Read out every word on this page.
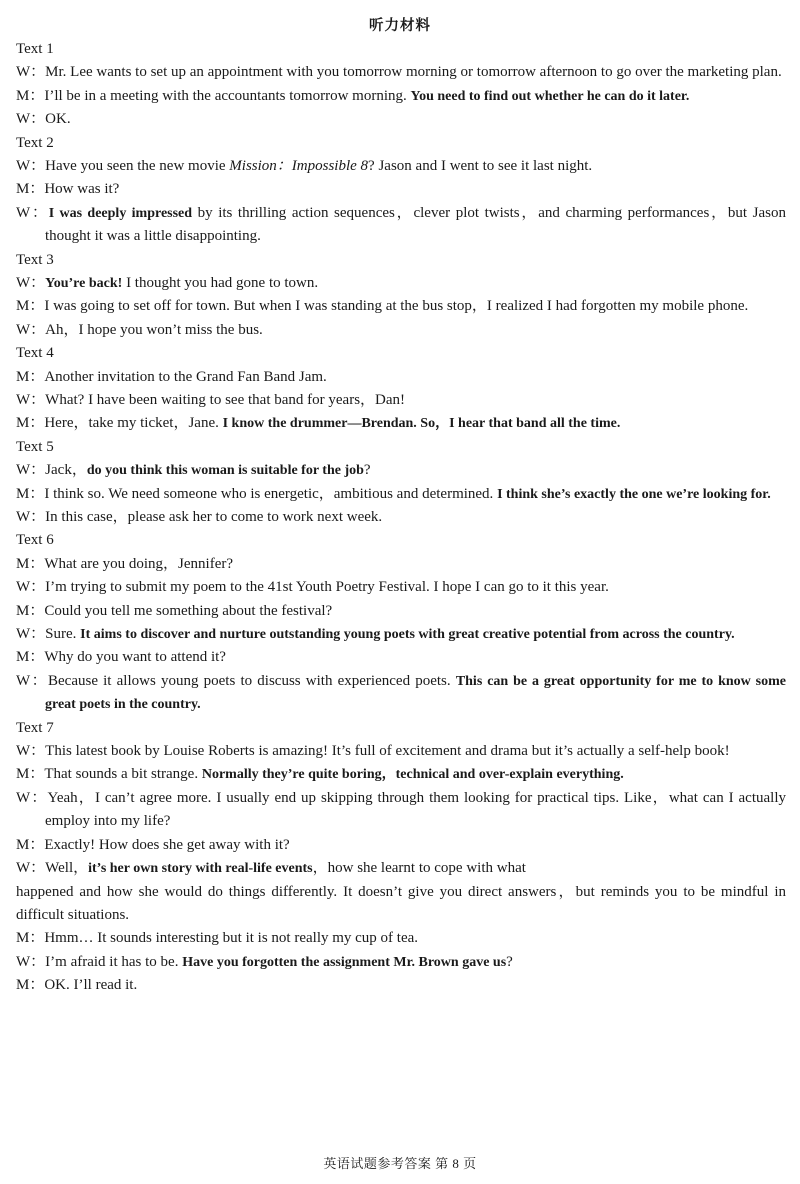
听力材料
Text 1
W：Mr. Lee wants to set up an appointment with you tomorrow morning or tomorrow afternoon to go over the marketing plan.
M：I’ll be in a meeting with the accountants tomorrow morning. You need to find out whether he can do it later.
W：OK.
Text 2
W：Have you seen the new movie Mission：Impossible 8? Jason and I went to see it last night.
M：How was it?
W：I was deeply impressed by its thrilling action sequences，clever plot twists，and charming performances，but Jason thought it was a little disappointing.
Text 3
W：You’re back! I thought you had gone to town.
M：I was going to set off for town. But when I was standing at the bus stop，I realized I had forgotten my mobile phone.
W：Ah，I hope you won’t miss the bus.
Text 4
M：Another invitation to the Grand Fan Band Jam.
W：What? I have been waiting to see that band for years，Dan!
M：Here，take my ticket，Jane. I know the drummer—Brendan. So，I hear that band all the time.
Text 5
W：Jack，do you think this woman is suitable for the job?
M：I think so. We need someone who is energetic，ambitious and determined. I think she’s exactly the one we’re looking for.
W：In this case，please ask her to come to work next week.
Text 6
M：What are you doing，Jennifer?
W：I’m trying to submit my poem to the 41st Youth Poetry Festival. I hope I can go to it this year.
M：Could you tell me something about the festival?
W：Sure. It aims to discover and nurture outstanding young poets with great creative potential from across the country.
M：Why do you want to attend it?
W：Because it allows young poets to discuss with experienced poets. This can be a great opportunity for me to know some great poets in the country.
Text 7
W：This latest book by Louise Roberts is amazing! It’s full of excitement and drama but it’s actually a self-help book!
M：That sounds a bit strange. Normally they’re quite boring，technical and over-explain everything.
W：Yeah，I can’t agree more. I usually end up skipping through them looking for practical tips. Like，what can I actually employ into my life?
M：Exactly! How does she get away with it?
W：Well，it’s her own story with real-life events，how she learnt to cope with what
happened and how she would do things differently. It doesn’t give you direct answers，but reminds you to be mindful in difficult situations.
M：Hmm… It sounds interesting but it is not really my cup of tea.
W：I’m afraid it has to be. Have you forgotten the assignment Mr. Brown gave us?
M：OK. I’ll read it.
英语试题参考答案 第 8 页
